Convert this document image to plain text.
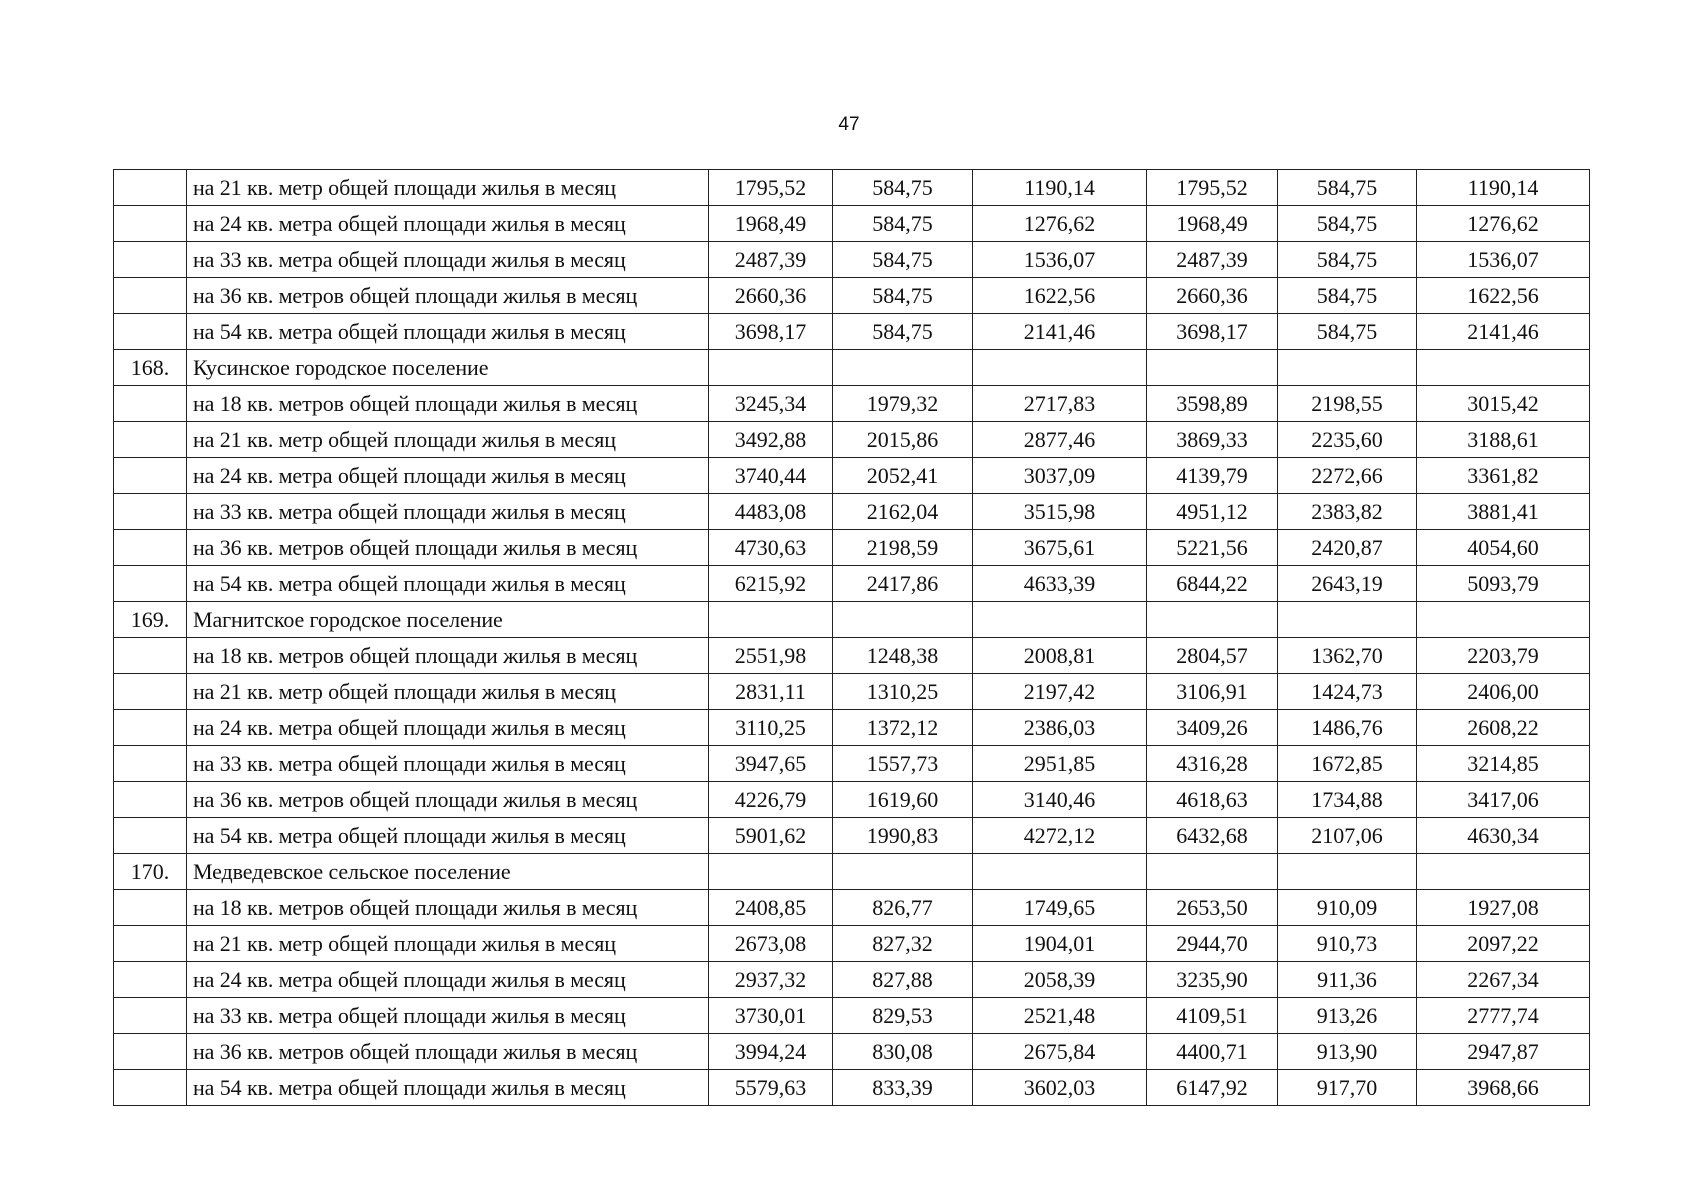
47
	на 21 кв. метр общей площади жилья в месяц	1795,52	584,75	1190,14	1795,52	584,75	1190,14
	на 24 кв. метра общей площади жилья в месяц	1968,49	584,75	1276,62	1968,49	584,75	1276,62
	на 33 кв. метра общей площади жилья в месяц	2487,39	584,75	1536,07	2487,39	584,75	1536,07
	на 36 кв. метров общей площади жилья в месяц	2660,36	584,75	1622,56	2660,36	584,75	1622,56
	на 54 кв. метра общей площади жилья в месяц	3698,17	584,75	2141,46	3698,17	584,75	2141,46
168.	Кусинское городское поселение						
	на 18 кв. метров общей площади жилья в месяц	3245,34	1979,32	2717,83	3598,89	2198,55	3015,42
	на 21 кв. метр общей площади жилья в месяц	3492,88	2015,86	2877,46	3869,33	2235,60	3188,61
	на 24 кв. метра общей площади жилья в месяц	3740,44	2052,41	3037,09	4139,79	2272,66	3361,82
	на 33 кв. метра общей площади жилья в месяц	4483,08	2162,04	3515,98	4951,12	2383,82	3881,41
	на 36 кв. метров общей площади жилья в месяц	4730,63	2198,59	3675,61	5221,56	2420,87	4054,60
	на 54 кв. метра общей площади жилья в месяц	6215,92	2417,86	4633,39	6844,22	2643,19	5093,79
169.	Магнитское городское поселение						
	на 18 кв. метров общей площади жилья в месяц	2551,98	1248,38	2008,81	2804,57	1362,70	2203,79
	на 21 кв. метр общей площади жилья в месяц	2831,11	1310,25	2197,42	3106,91	1424,73	2406,00
	на 24 кв. метра общей площади жилья в месяц	3110,25	1372,12	2386,03	3409,26	1486,76	2608,22
	на 33 кв. метра общей площади жилья в месяц	3947,65	1557,73	2951,85	4316,28	1672,85	3214,85
	на 36 кв. метров общей площади жилья в месяц	4226,79	1619,60	3140,46	4618,63	1734,88	3417,06
	на 54 кв. метра общей площади жилья в месяц	5901,62	1990,83	4272,12	6432,68	2107,06	4630,34
170.	Медведевское сельское поселение						
	на 18 кв. метров общей площади жилья в месяц	2408,85	826,77	1749,65	2653,50	910,09	1927,08
	на 21 кв. метр общей площади жилья в месяц	2673,08	827,32	1904,01	2944,70	910,73	2097,22
	на 24 кв. метра общей площади жилья в месяц	2937,32	827,88	2058,39	3235,90	911,36	2267,34
	на 33 кв. метра общей площади жилья в месяц	3730,01	829,53	2521,48	4109,51	913,26	2777,74
	на 36 кв. метров общей площади жилья в месяц	3994,24	830,08	2675,84	4400,71	913,90	2947,87
	на 54 кв. метра общей площади жилья в месяц	5579,63	833,39	3602,03	6147,92	917,70	3968,66
